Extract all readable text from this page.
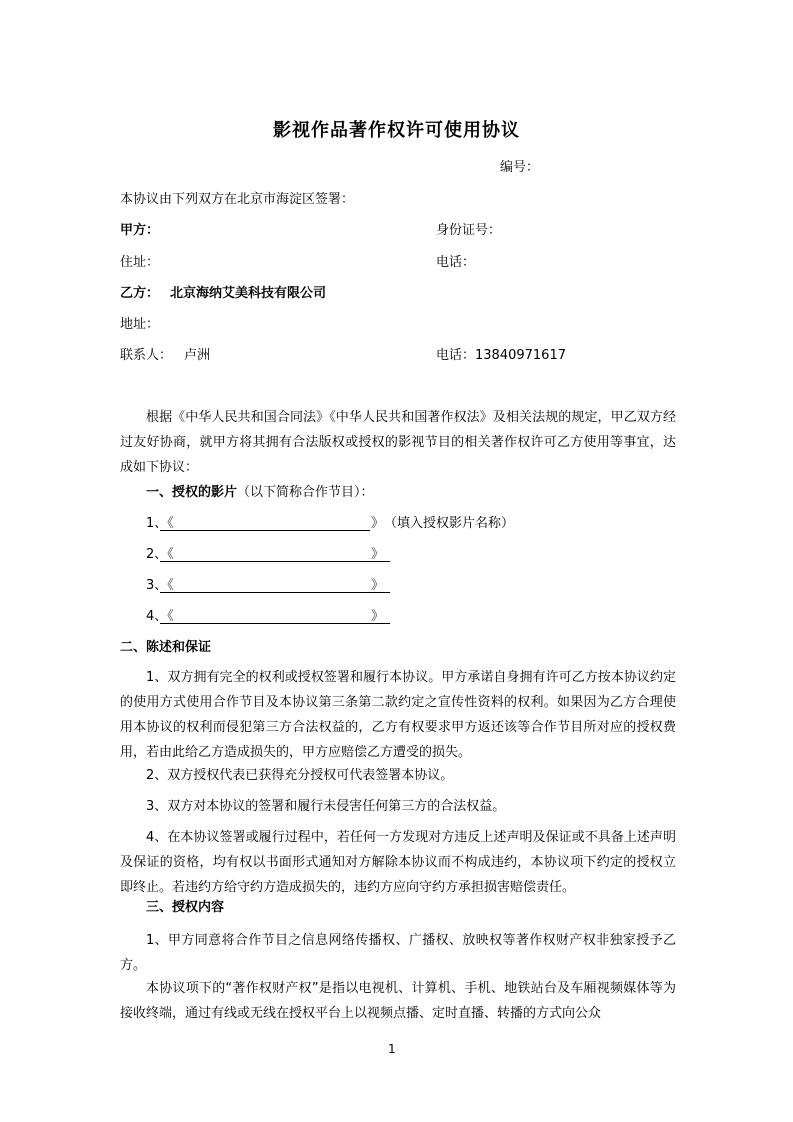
影视作品著作权许可使用协议
编号：
本协议由下列双方在北京市海淀区签署：
甲方：	身份证号：
住址：	电话：
乙方： 北京海纳艾美科技有限公司
地址：
联系人： 卢洲	电话：13840971617
根据《中华人民共和国合同法》《中华人民共和国著作权法》及相关法规的规定，甲乙双方经过友好协商，就甲方将其拥有合法版权或授权的影视节目的相关著作权许可乙方使用等事宜，达成如下协议：
一、授权的影片（以下简称合作节目）：
1、《	》 （填入授权影片名称）
2、《	》
3、《	》
4、《	》
二、陈述和保证
1、双方拥有完全的权利或授权签署和履行本协议。甲方承诺自身拥有许可乙方按本协议约定的使用方式使用合作节目及本协议第三条第二款约定之宣传性资料的权利。如果因为乙方合理使用本协议的权利而侵犯第三方合法权益的，乙方有权要求甲方返还该等合作节目所对应的授权费用，若由此给乙方造成损失的，甲方应赔偿乙方遭受的损失。
2、双方授权代表已获得充分授权可代表签署本协议。
3、双方对本协议的签署和履行未侵害任何第三方的合法权益。
4、在本协议签署或履行过程中，若任何一方发现对方违反上述声明及保证或不具备上述声明及保证的资格，均有权以书面形式通知对方解除本协议而不构成违约，本协议项下约定的授权立即终止。若违约方给守约方造成损失的，违约方应向守约方承担损害赔偿责任。
三、授权内容
1、甲方同意将合作节目之信息网络传播权、广播权、放映权等著作权财产权非独家授予乙方。
本协议项下的“著作权财产权”是指以电视机、计算机、手机、地铁站台及车厢视频媒体等为接收终端，通过有线或无线在授权平台上以视频点播、定时直播、转播的方式向公众
1
